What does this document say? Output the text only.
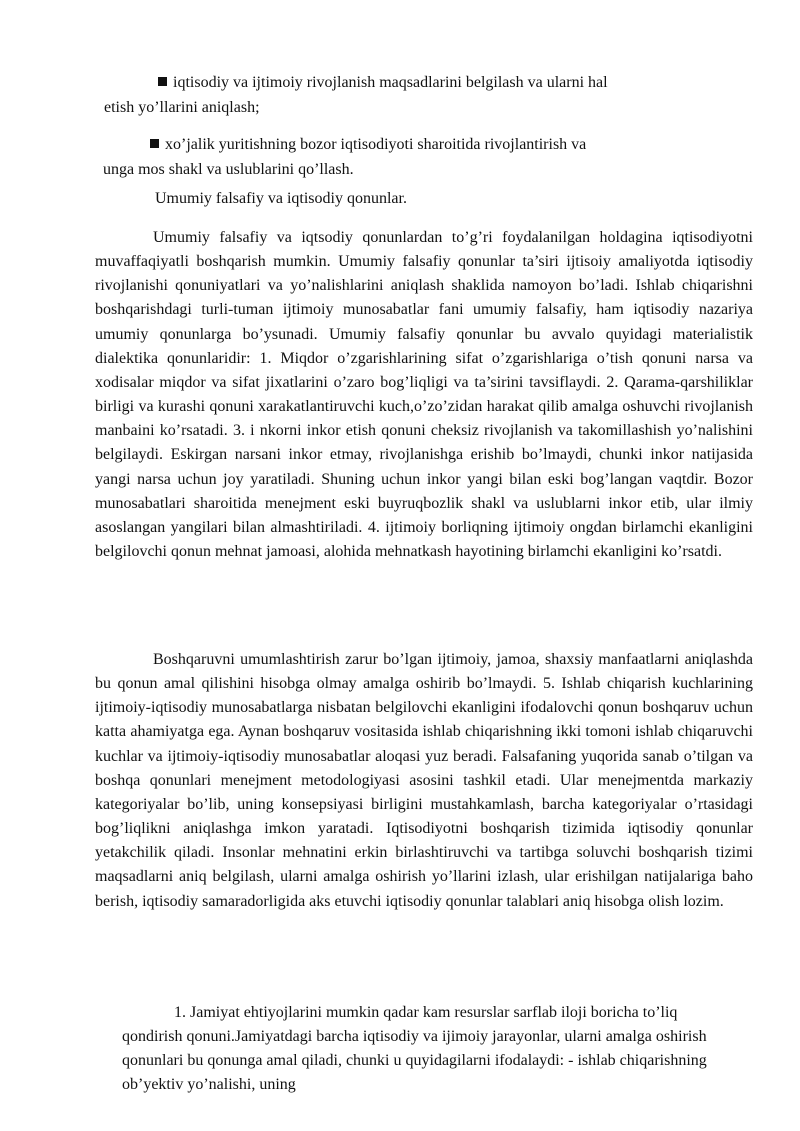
iqtisodiy va ijtimoiy rivojlanish maqsadlarini belgilash va ularni hal
etish yo’llarini aniqlash;
xo’jalik yuritishning bozor iqtisodiyoti sharoitida rivojlantirish va
unga mos shakl va uslublarini qo’llash.
Umumiy falsafiy va iqtisodiy qonunlar.

Umumiy falsafiy va iqtsodiy qonunlardan to’g’ri foydalanilgan holdagina iqtisodiyotni muvaffaqiyatli boshqarish mumkin. Umumiy falsafiy qonunlar ta’siri ijtisoiy amaliyotda iqtisodiy rivojlanishi qonuniyatlari va yo’nalishlarini aniqlash shaklida namoyon bo’ladi. Ishlab chiqarishni boshqarishdagi turli-tuman ijtimoiy munosabatlar fani umumiy falsafiy, ham iqtisodiy nazariya umumiy qonunlarga bo’ysunadi. Umumiy falsafiy qonunlar bu avvalo quyidagi materialistik dialektika qonunlaridir: 1. Miqdor o’zgarishlarining sifat o’zgarishlariga o’tish qonuni narsa va xodisalar miqdor va sifat jixatlarini o’zaro bog’liqligi va ta’sirini tavsiflaydi. 2. Qarama-qarshiliklar birligi va kurashi qonuni xarakatlantiruvchi kuch,o’zo’zidan harakat qilib amalga oshuvchi rivojlanish manbaini ko’rsatadi. 3. i nkorni inkor etish qonuni cheksiz rivojlanish va takomillashish yo’nalishini belgilaydi. Eskirgan narsani inkor etmay, rivojlanishga erishib bo’lmaydi, chunki inkor natijasida yangi narsa uchun joy yaratiladi. Shuning uchun inkor yangi bilan eski bog’langan vaqtdir. Bozor munosabatlari sharoitida menejment eski buyruqbozlik shakl va uslublarni inkor etib, ular ilmiy asoslangan yangilari bilan almashtiriladi. 4. ijtimoiy borliqning ijtimoiy ongdan birlamchi ekanligini belgilovchi qonun mehnat jamoasi, alohida mehnatkash hayotining birlamchi ekanligini ko’rsatdi.

Boshqaruvni umumlashtirish zarur bo’lgan ijtimoiy, jamoa, shaxsiy manfaatlarni aniqlashda bu qonun amal qilishini hisobga olmay amalga oshirib bo’lmaydi. 5. Ishlab chiqarish kuchlarining ijtimoiy-iqtisodiy munosabatlarga nisbatan belgilovchi ekanligini ifodalovchi qonun boshqaruv uchun katta ahamiyatga ega. Aynan boshqaruv vositasida ishlab chiqarishning ikki tomoni ishlab chiqaruvchi kuchlar va ijtimoiy-iqtisodiy munosabatlar aloqasi yuz beradi. Falsafaning yuqorida sanab o’tilgan va boshqa qonunlari menejment metodologiyasi asosini tashkil etadi. Ular menejmentda markaziy kategoriyalar bo’lib, uning konsepsiyasi birligini mustahkamlash, barcha kategoriyalar o’rtasidagi bog’liqlikni aniqlashga imkon yaratadi. Iqtisodiyotni boshqarish tizimida iqtisodiy qonunlar yetakchilik qiladi. Insonlar mehnatini erkin birlashtiruvchi va tartibga soluvchi boshqarish tizimi maqsadlarni aniq belgilash, ularni amalga oshirish yo’llarini izlash, ular erishilgan natijalariga baho berish, iqtisodiy samaradorligida aks etuvchi iqtisodiy qonunlar talablari aniq hisobga olish lozim.

1. Jamiyat ehtiyojlarini mumkin qadar kam resurslar sarflab iloji boricha to’liq qondirish qonuni.Jamiyatdagi barcha iqtisodiy va ijimoiy jarayonlar, ularni amalga oshirish qonunlari bu qonunga amal qiladi, chunki u quyidagilarni ifodalaydi: - ishlab chiqarishning ob’yektiv yo’nalishi, uning
